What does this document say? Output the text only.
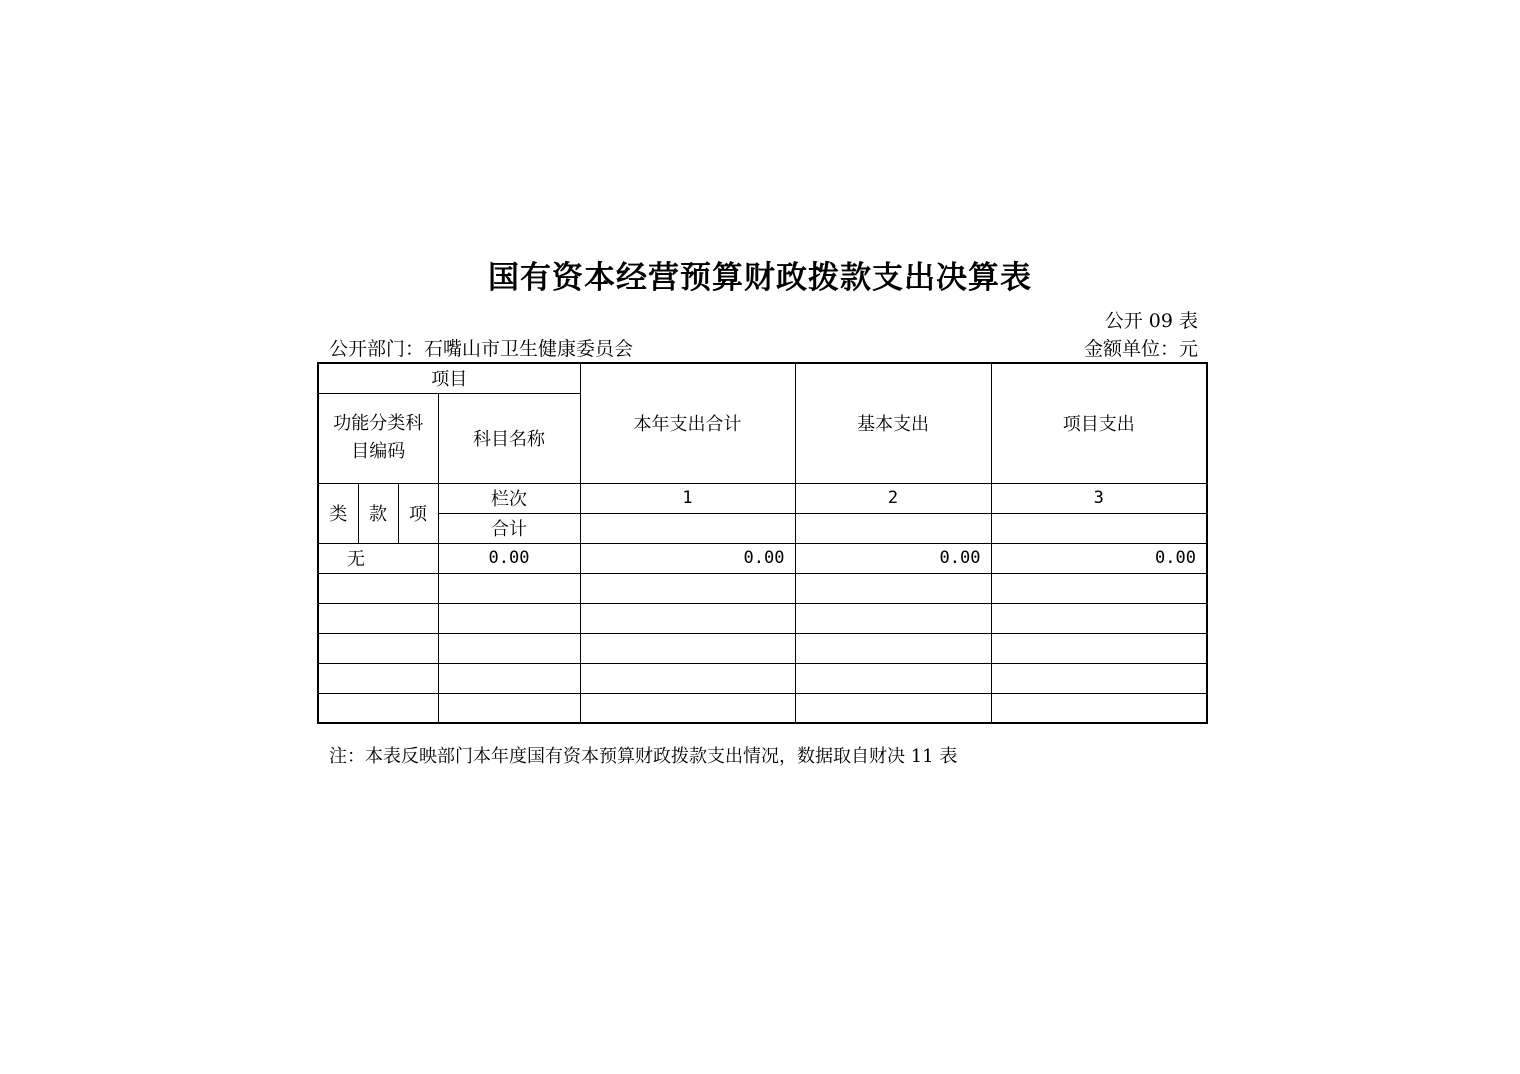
国有资本经营预算财政拨款支出决算表
公开 09 表
公开部门：石嘴山市卫生健康委员会	金额单位：元
项目				本年支出合计	基本支出	项目支出
功能分类科目编码			科目名称			
类	款	项	栏次	1	2	3
			合计			
无			0.00	0.00	0.00	0.00

注：本表反映部门本年度国有资本预算财政拨款支出情况，数据取自财决 11 表
